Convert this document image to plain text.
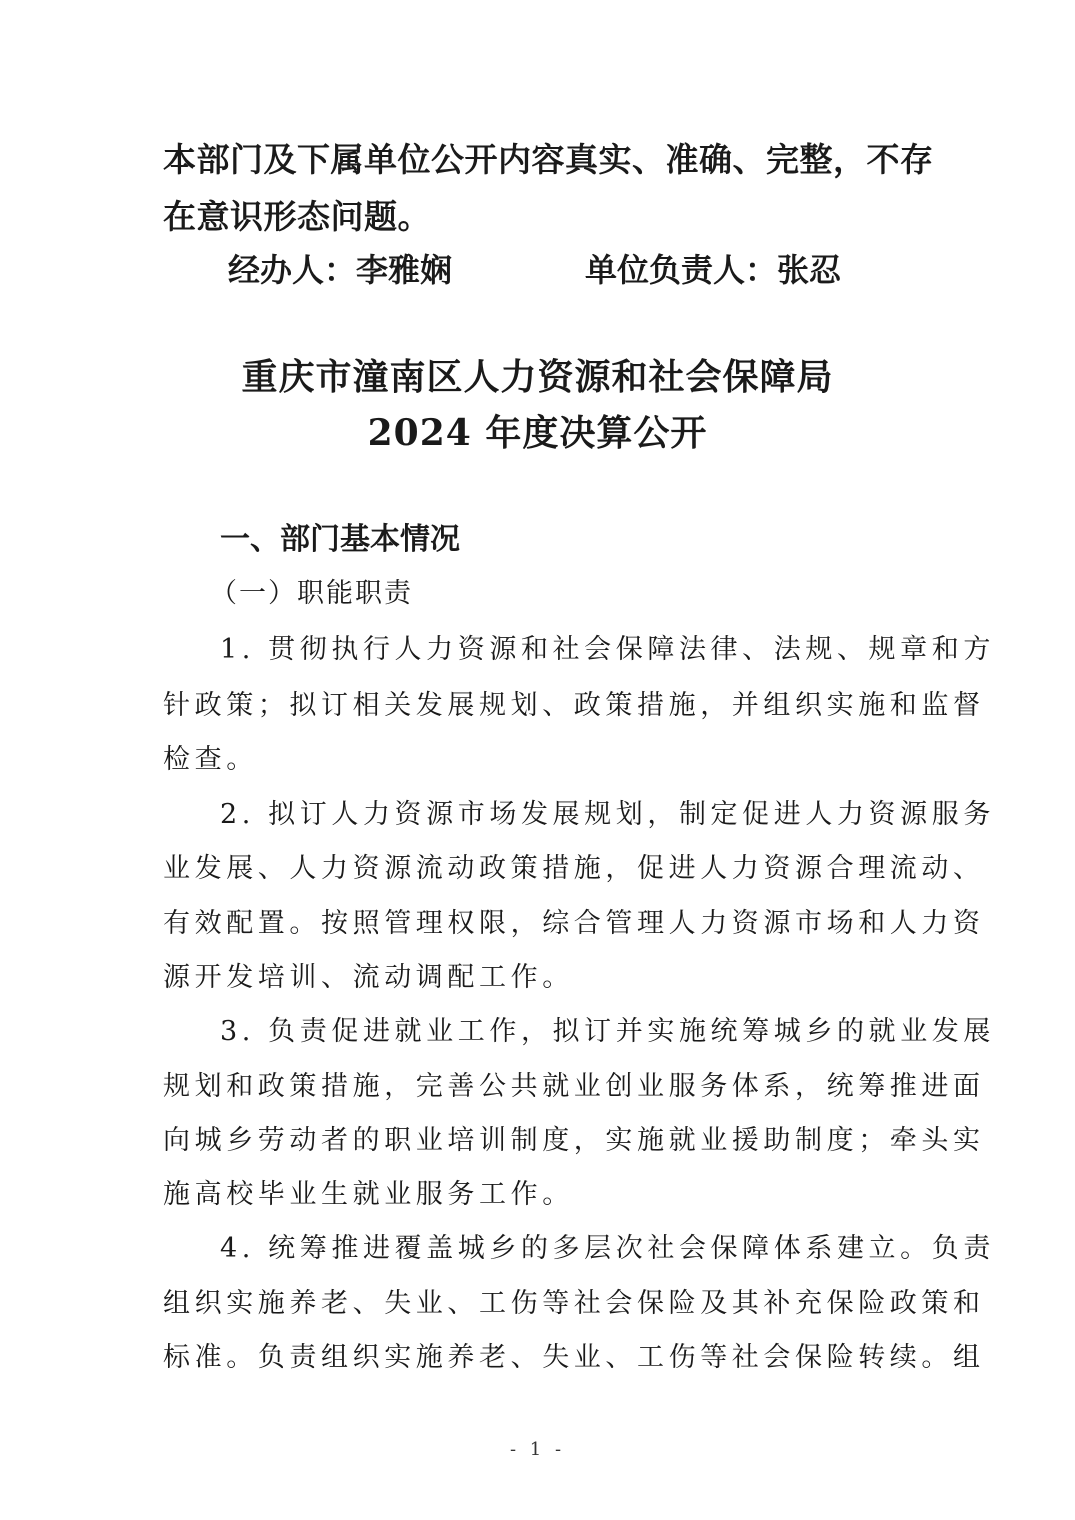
本部门及下属单位公开内容真实、准确、完整，不存
在意识形态问题。
经办人：李雅娴	单位负责人：张忍
重庆市潼南区人力资源和社会保障局
2024 年度决算公开
一、部门基本情况
（一）职能职责
1. 贯彻执行人力资源和社会保障法律、法规、规章和方
针政策；拟订相关发展规划、政策措施，并组织实施和监督
检查。
2. 拟订人力资源市场发展规划，制定促进人力资源服务
业发展、人力资源流动政策措施，促进人力资源合理流动、
有效配置。按照管理权限，综合管理人力资源市场和人力资
源开发培训、流动调配工作。
3. 负责促进就业工作，拟订并实施统筹城乡的就业发展
规划和政策措施，完善公共就业创业服务体系，统筹推进面
向城乡劳动者的职业培训制度，实施就业援助制度；牵头实
施高校毕业生就业服务工作。
4. 统筹推进覆盖城乡的多层次社会保障体系建立。负责
组织实施养老、失业、工伤等社会保险及其补充保险政策和
标准。负责组织实施养老、失业、工伤等社会保险转续。组
- 1 -
